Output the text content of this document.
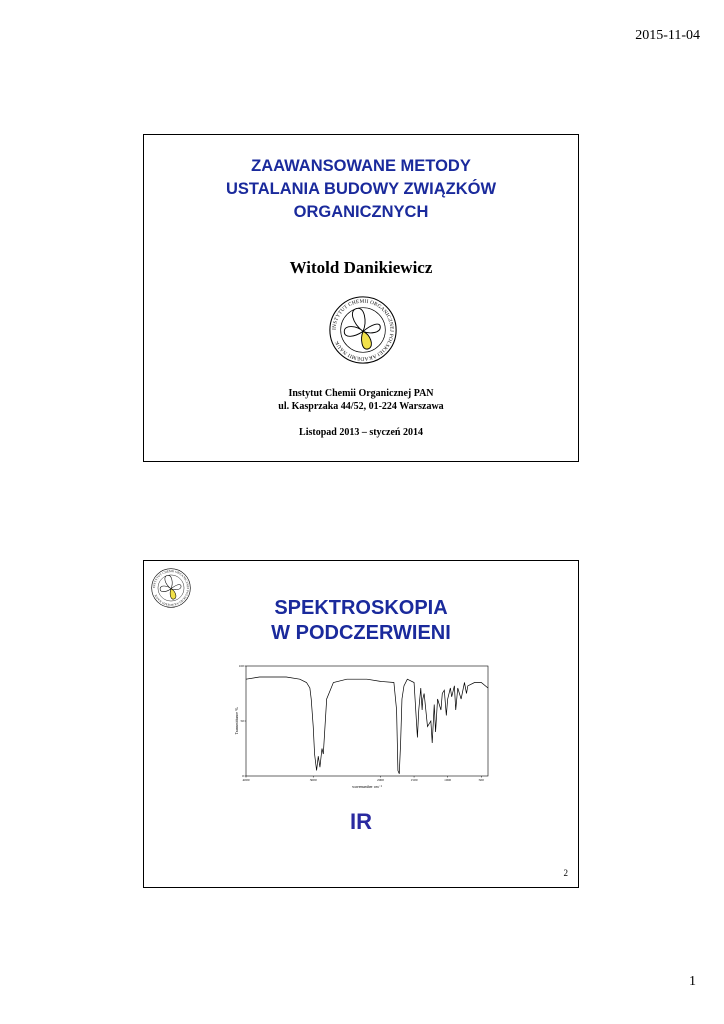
2015-11-04
ZAAWANSOWANE METODY
USTALANIA BUDOWY ZWIĄZKÓW
ORGANICZNYCH
Witold Danikiewicz
INSTYTUT CHEMII ORGANICZNEJ POLSKIEJ AKADEMII NAUK
Instytut Chemii Organicznej PAN
ul. Kasprzaka 44/52, 01-224 Warszawa
Listopad 2013 – styczeń 2014
INSTYTUT CHEMII ORGANICZNEJ POLSKIEJ AKADEMII NAUK
SPEKTROSKOPIA
W PODCZERWIENI
0
50
100
4000	3000	2000	1500	1000	500
Transmittance %
wavenumber cm⁻¹
IR
2
1
